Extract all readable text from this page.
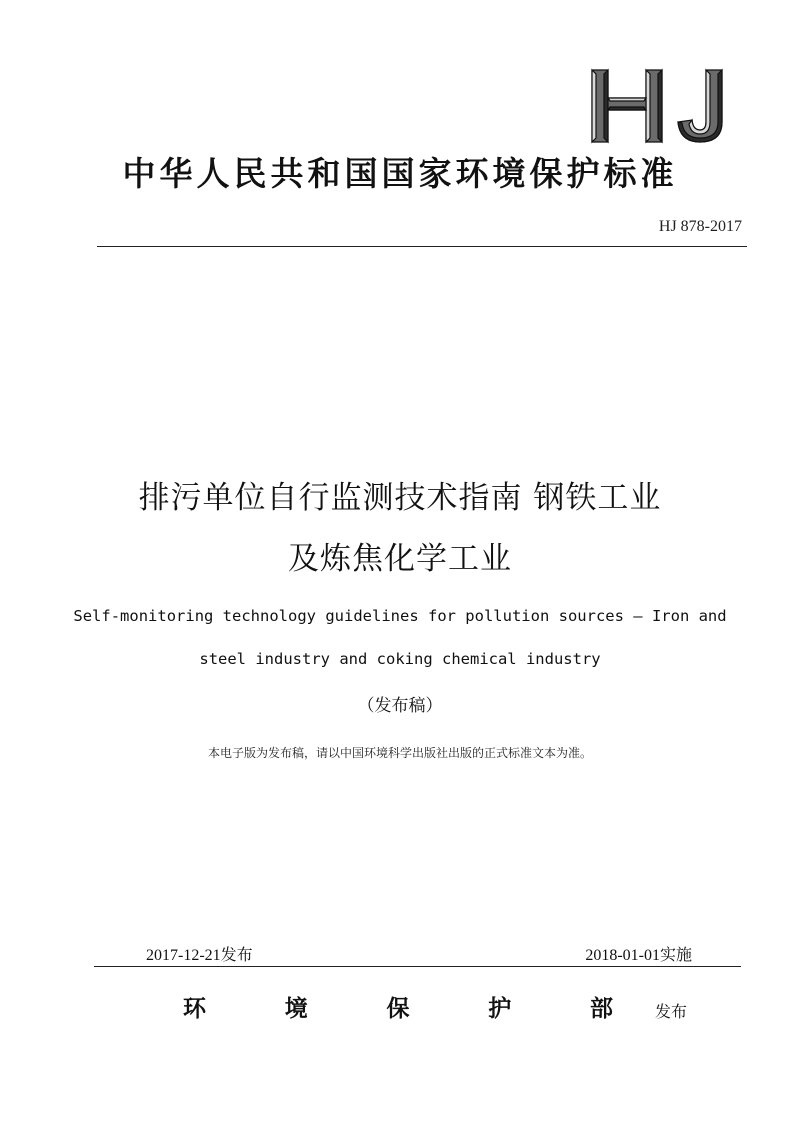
中华人民共和国国家环境保护标准
HJ 878-2017
排污单位自行监测技术指南 钢铁工业
及炼焦化学工业
Self-monitoring technology guidelines for pollution sources — Iron and
steel industry and coking chemical industry
（发布稿）
本电子版为发布稿，请以中国环境科学出版社出版的正式标准文本为准。
2017-12-21发布	2018-01-01实施
环	境	保	护	部	发布
